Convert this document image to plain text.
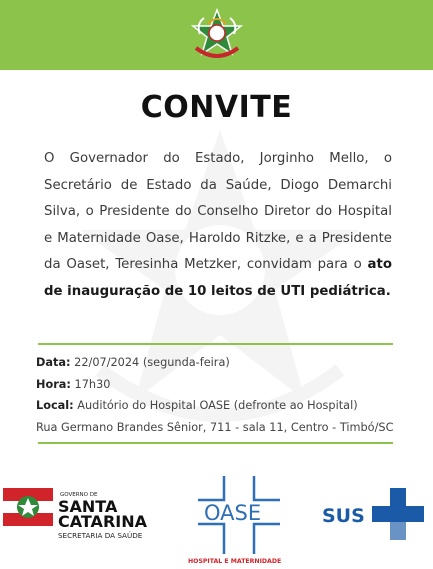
CONVITE
O Governador do Estado, Jorginho Mello, o Secretário de Estado da Saúde, Diogo Demarchi Silva, o Presidente do Conselho Diretor do Hospital e Maternidade Oase, Haroldo Ritzke, e a Presidente da Oaset, Teresinha Metzker, convidam para o ato de inauguração de 10 leitos de UTI pediátrica.
Data: 22/07/2024 (segunda-feira)
Hora: 17h30
Local: Auditório do Hospital OASE (defronte ao Hospital)
Rua Germano Brandes Sênior, 711 - sala 11, Centro - Timbó/SC
GOVERNO DE
SANTA
CATARINA
SECRETARIA DA SAÚDE
OASE
HOSPITAL E MATERNIDADE
SUS
